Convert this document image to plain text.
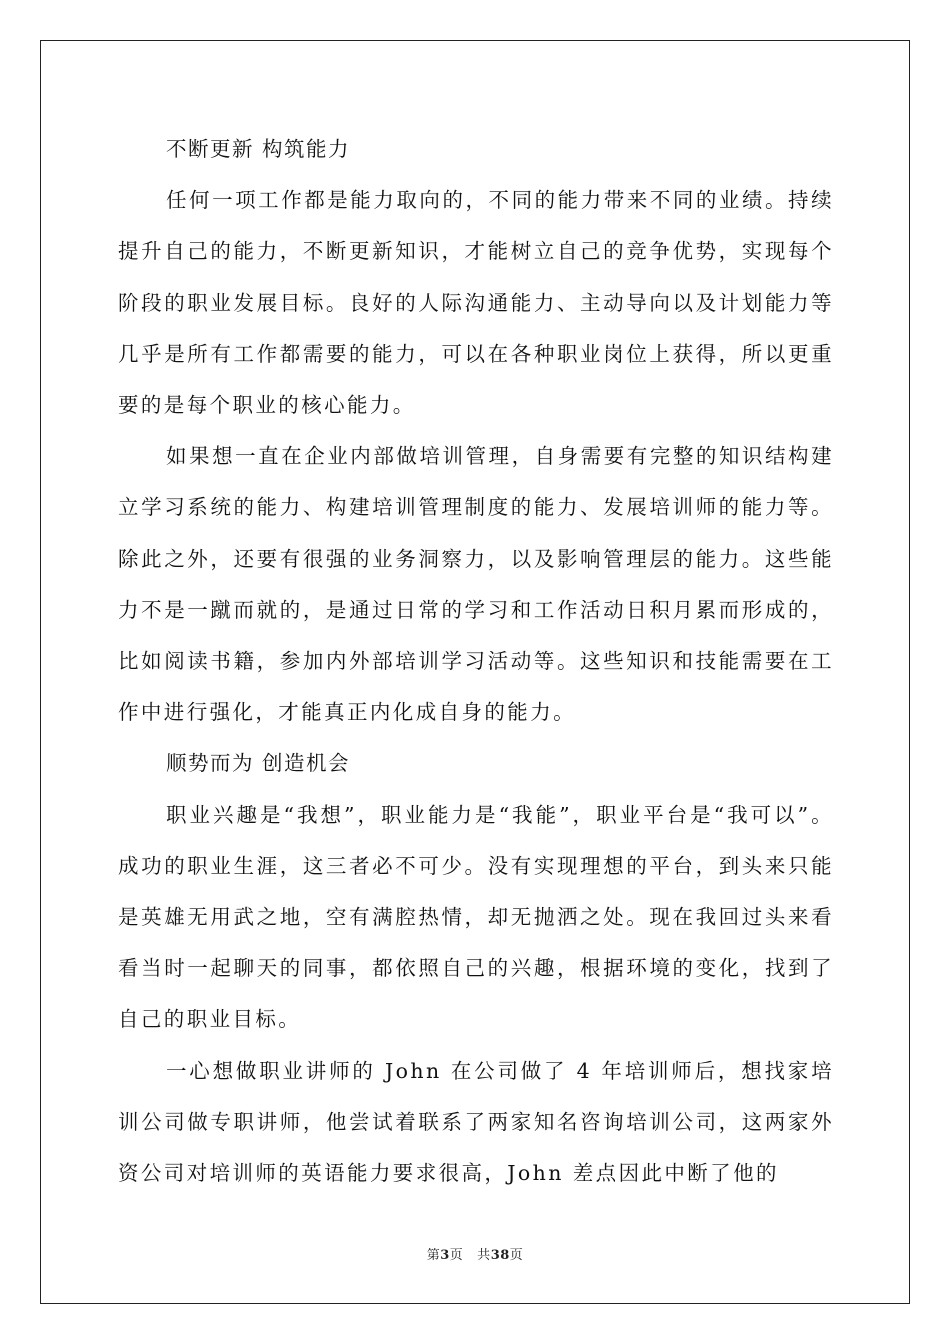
不断更新 构筑能力

任何一项工作都是能力取向的，不同的能力带来不同的业绩。持续提升自己的能力，不断更新知识，才能树立自己的竞争优势，实现每个阶段的职业发展目标。良好的人际沟通能力、主动导向以及计划能力等几乎是所有工作都需要的能力，可以在各种职业岗位上获得，所以更重要的是每个职业的核心能力。

如果想一直在企业内部做培训管理，自身需要有完整的知识结构建立学习系统的能力、构建培训管理制度的能力、发展培训师的能力等。除此之外，还要有很强的业务洞察力，以及影响管理层的能力。这些能力不是一蹴而就的，是通过日常的学习和工作活动日积月累而形成的，比如阅读书籍，参加内外部培训学习活动等。这些知识和技能需要在工作中进行强化，才能真正内化成自身的能力。

顺势而为 创造机会

职业兴趣是“我想”，职业能力是“我能”，职业平台是“我可以”。成功的职业生涯，这三者必不可少。没有实现理想的平台，到头来只能是英雄无用武之地，空有满腔热情，却无抛洒之处。现在我回过头来看看当时一起聊天的同事，都依照自己的兴趣，根据环境的变化，找到了自己的职业目标。

一心想做职业讲师的 John 在公司做了 4 年培训师后，想找家培训公司做专职讲师，他尝试着联系了两家知名咨询培训公司，这两家外资公司对培训师的英语能力要求很高，John 差点因此中断了他的

第3页 共38页
